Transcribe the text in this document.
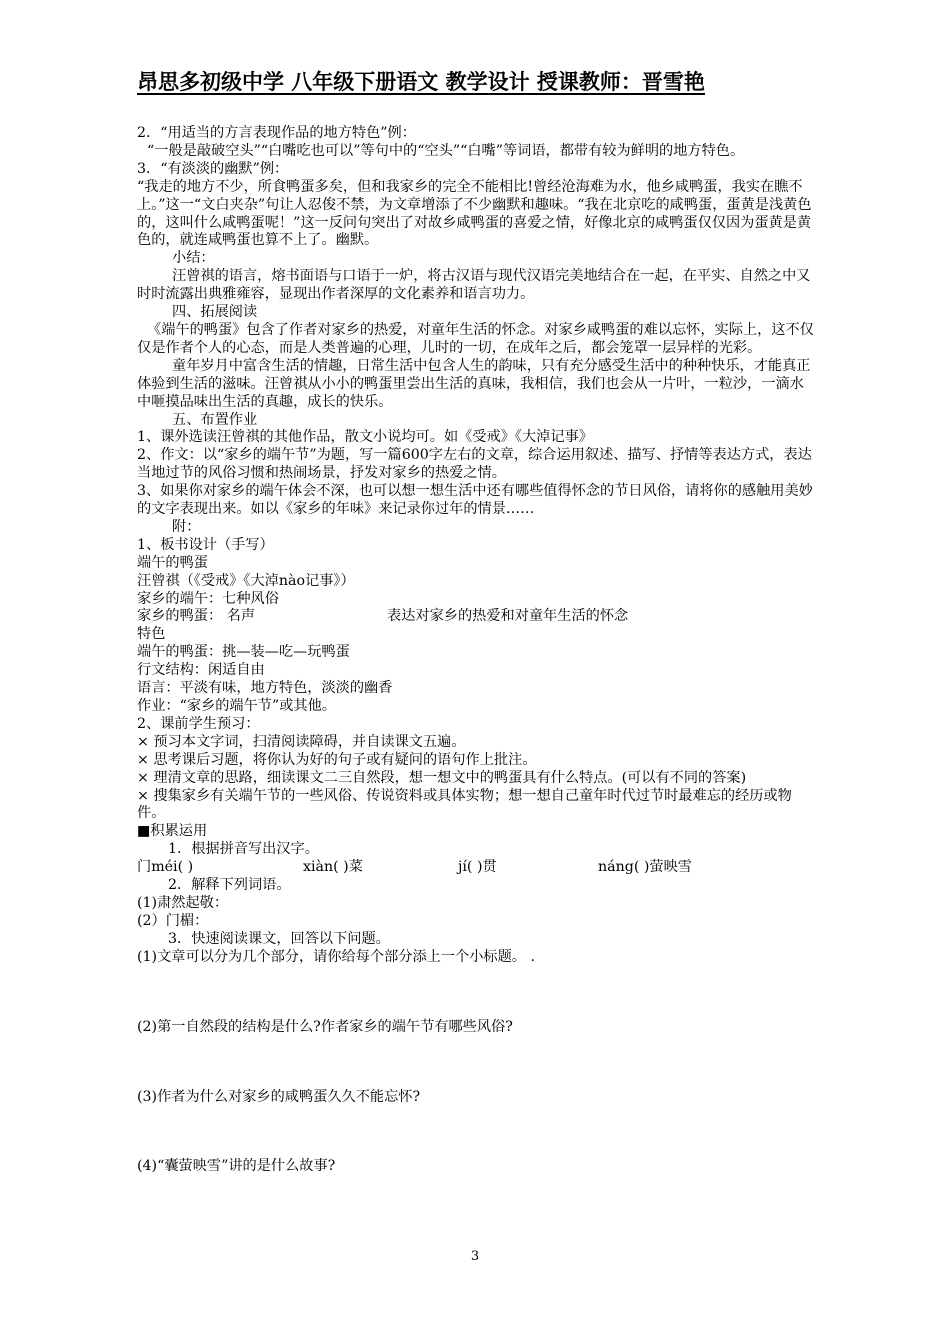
昂思多初级中学 八年级下册语文 教学设计 授课教师：晋雪艳

2．“用适当的方言表现作品的地方特色”例：

“一般是敲破空头”“白嘴吃也可以”等句中的“空头”“白嘴”等词语，都带有较为鲜明的地方特色。

3．“有淡淡的幽默”例：

“我走的地方不少，所食鸭蛋多矣，但和我家乡的完全不能相比!曾经沧海难为水，他乡咸鸭蛋，我实在瞧不上。”这一“文白夹杂”句让人忍俊不禁，为文章增添了不少幽默和趣味。“我在北京吃的咸鸭蛋，蛋黄是浅黄色的，这叫什么咸鸭蛋呢！”这一反问句突出了对故乡咸鸭蛋的喜爱之情，好像北京的咸鸭蛋仅仅因为蛋黄是黄色的，就连咸鸭蛋也算不上了。幽默。

小结：

汪曾祺的语言，熔书面语与口语于一炉，将古汉语与现代汉语完美地结合在一起，在平实、自然之中又时时流露出典雅雍容，显现出作者深厚的文化素养和语言功力。

四、拓展阅读

《端午的鸭蛋》包含了作者对家乡的热爱，对童年生活的怀念。对家乡咸鸭蛋的难以忘怀，实际上，这不仅仅是作者个人的心态，而是人类普遍的心理，儿时的一切，在成年之后，都会笼罩一层异样的光彩。

童年岁月中富含生活的情趣，日常生活中包含人生的韵味，只有充分感受生活中的种种快乐，才能真正体验到生活的滋味。汪曾祺从小小的鸭蛋里尝出生活的真味，我相信，我们也会从一片叶，一粒沙，一滴水中咂摸品味出生活的真趣，成长的快乐。

五、布置作业

1、课外选读汪曾祺的其他作品，散文小说均可。如《受戒》《大淖记事》

2、作文：以“家乡的端午节”为题，写一篇600字左右的文章，综合运用叙述、描写、抒情等表达方式，表达当地过节的风俗习惯和热闹场景，抒发对家乡的热爱之情。

3、如果你对家乡的端午体会不深，也可以想一想生活中还有哪些值得怀念的节日风俗，请将你的感触用美妙的文字表现出来。如以《家乡的年味》来记录你过年的情景……

附：

1、板书设计（手写）

端午的鸭蛋

汪曾祺（《受戒》《大淖nào记事》）

家乡的端午：七种风俗

家乡的鸭蛋： 名声	表达对家乡的热爱和对童年生活的怀念

特色

端午的鸭蛋：挑—装—吃—玩鸭蛋

行文结构：闲适自由

语言：平淡有味，地方特色，淡淡的幽香

作业：“家乡的端午节”或其他。

2、课前学生预习：

× 预习本文字词，扫清阅读障碍，并自读课文五遍。

× 思考课后习题，将你认为好的句子或有疑问的语句作上批注。

× 理清文章的思路，细读课文二三自然段，想一想文中的鸭蛋具有什么特点。(可以有不同的答案)

× 搜集家乡有关端午节的一些风俗、传说资料或具体实物；想一想自己童年时代过节时最难忘的经历或物件。

■积累运用

1．根据拼音写出汉字。

门méi( )	xiàn( )菜	jí( )贯	náng( )萤映雪

2．解释下列词语。

(1)肃然起敬：

(2）门楣：

3．快速阅读课文，回答以下问题。

(1)文章可以分为几个部分，请你给每个部分添上一个小标题。 .

(2)第一自然段的结构是什么?作者家乡的端午节有哪些风俗?

(3)作者为什么对家乡的咸鸭蛋久久不能忘怀?

(4)“囊萤映雪”讲的是什么故事?

3
